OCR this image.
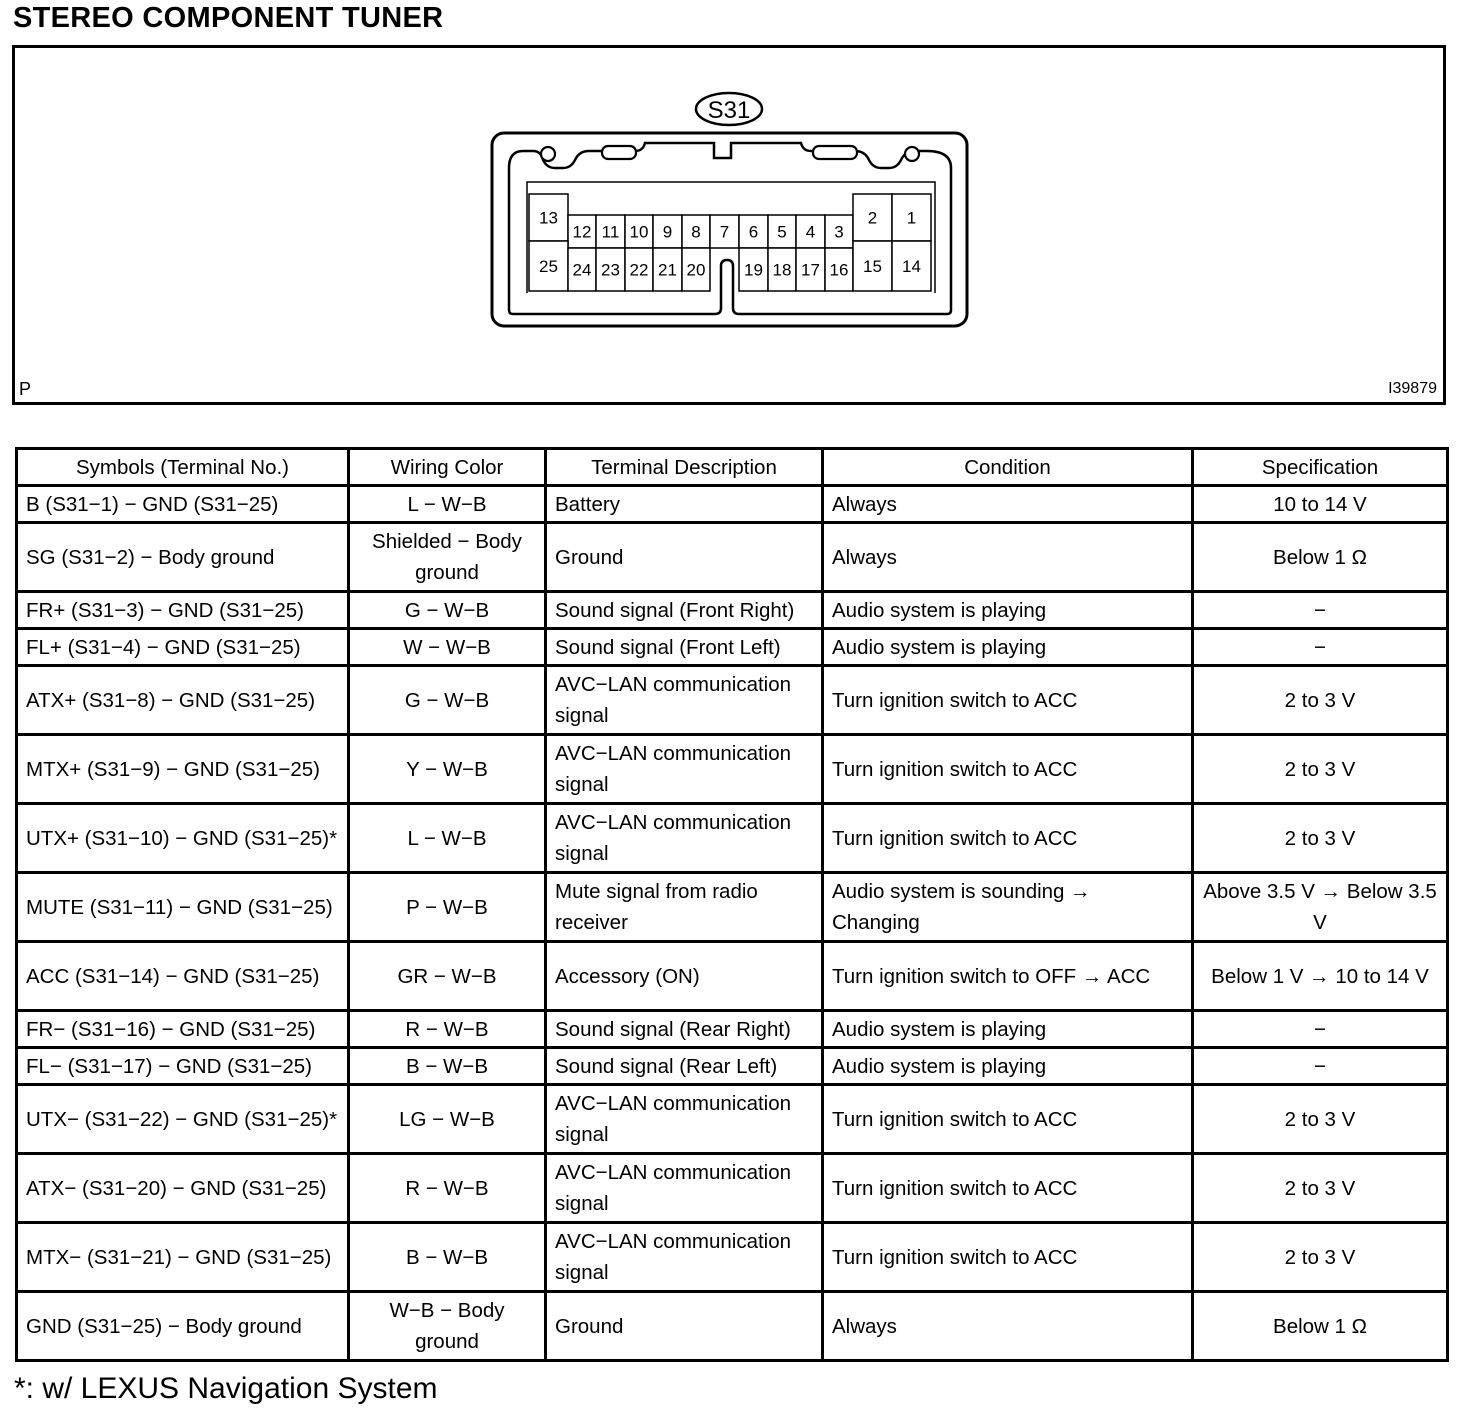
STEREO COMPONENT TUNER
S31
13
12 11 10 9 8 7 6 5 4 3
2 1
25 24 23 22 21 20 19 18 17 16 15 14
P	I39879
Symbols (Terminal No.)	Wiring Color	Terminal Description	Condition	Specification
B (S31−1) − GND (S31−25)	L − W−B	Battery	Always	10 to 14 V
SG (S31−2) − Body ground	Shielded − Body ground	Ground	Always	Below 1 Ω
FR+ (S31−3) − GND (S31−25)	G − W−B	Sound signal (Front Right)	Audio system is playing	−
FL+ (S31−4) − GND (S31−25)	W − W−B	Sound signal (Front Left)	Audio system is playing	−
ATX+ (S31−8) − GND (S31−25)	G − W−B	AVC−LAN communication signal	Turn ignition switch to ACC	2 to 3 V
MTX+ (S31−9) − GND (S31−25)	Y − W−B	AVC−LAN communication signal	Turn ignition switch to ACC	2 to 3 V
UTX+ (S31−10) − GND (S31−25)*	L − W−B	AVC−LAN communication signal	Turn ignition switch to ACC	2 to 3 V
MUTE (S31−11) − GND (S31−25)	P − W−B	Mute signal from radio receiver	Audio system is sounding → Changing	Above 3.5 V → Below 3.5 V
ACC (S31−14) − GND (S31−25)	GR − W−B	Accessory (ON)	Turn ignition switch to OFF → ACC	Below 1 V → 10 to 14 V
FR− (S31−16) − GND (S31−25)	R − W−B	Sound signal (Rear Right)	Audio system is playing	−
FL− (S31−17) − GND (S31−25)	B − W−B	Sound signal (Rear Left)	Audio system is playing	−
UTX− (S31−22) − GND (S31−25)*	LG − W−B	AVC−LAN communication signal	Turn ignition switch to ACC	2 to 3 V
ATX− (S31−20) − GND (S31−25)	R − W−B	AVC−LAN communication signal	Turn ignition switch to ACC	2 to 3 V
MTX− (S31−21) − GND (S31−25)	B − W−B	AVC−LAN communication signal	Turn ignition switch to ACC	2 to 3 V
GND (S31−25) − Body ground	W−B − Body ground	Ground	Always	Below 1 Ω
*: w/ LEXUS Navigation System
